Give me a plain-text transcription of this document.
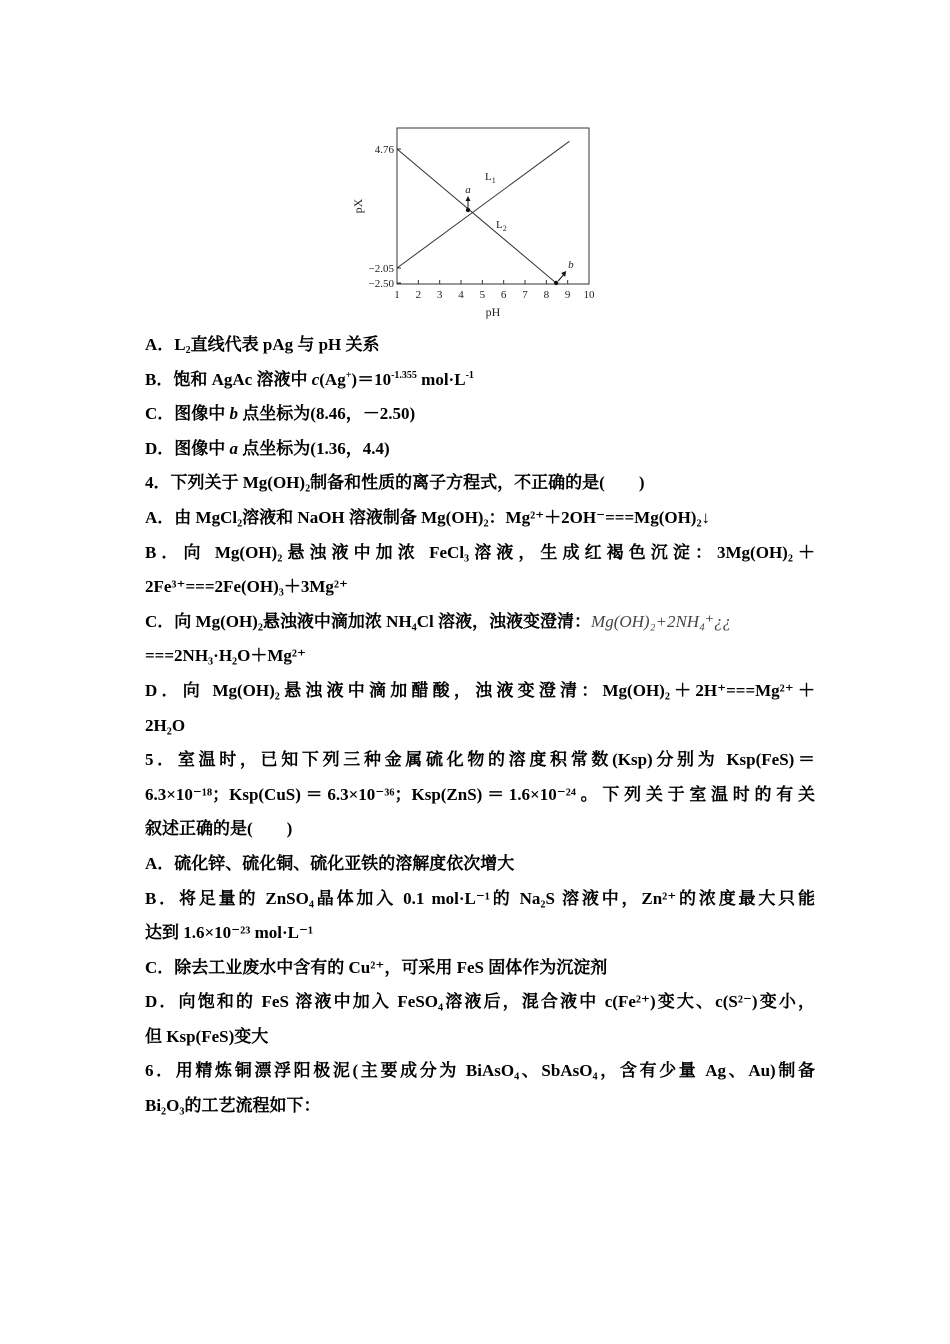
1 2 3 4 5 6 7 8 9 10
4.76
−2.05
−2.50
$L_1$
$L_2$
a
b
pH
pX
A．$L_2$直线代表 pAg 与 pH 关系
B．饱和 AgAc 溶液中 $c(Ag^+)=10^{-1.355}$ $mol\cdot L^{-1}$
C．图像中 b 点坐标为(8.46，－2.50)
D．图像中 a 点坐标为(1.36，4.4)
4．下列关于 Mg(OH)₂制备和性质的离子方程式，不正确的是(　　)
A．由 MgCl₂溶液和 NaOH 溶液制备 Mg(OH)₂：Mg²⁺＋2OH⁻===Mg(OH)₂↓
B．向 Mg(OH)₂悬浊液中加浓 FeCl₃溶液，生成红褐色沉淀：3Mg(OH)₂＋
2Fe³⁺===2Fe(OH)₃＋3Mg²⁺
C．向 Mg(OH)₂悬浊液中滴加浓 NH₄Cl 溶液，浊液变澄清：Mg(OH)₂+2NH₄⁺¿¿
===2NH₃·H₂O＋Mg²⁺
D．向 Mg(OH)₂悬浊液中滴加醋酸，浊液变澄清：Mg(OH)₂＋2H⁺===Mg²⁺＋
2H₂O
5．室温时，已知下列三种金属硫化物的溶度积常数(Ksp)分别为 Ksp(FeS)＝
6.3×10⁻¹⁸；Ksp(CuS)＝6.3×10⁻³⁶；Ksp(ZnS)＝1.6×10⁻²⁴。下列关于室温时的有关
叙述正确的是(　　)
A．硫化锌、硫化铜、硫化亚铁的溶解度依次增大
B．将足量的 ZnSO₄晶体加入 0.1 mol·L⁻¹的 Na₂S 溶液中，Zn²⁺的浓度最大只能
达到 1.6×10⁻²³ mol·L⁻¹
C．除去工业废水中含有的 Cu²⁺，可采用 FeS 固体作为沉淀剂
D．向饱和的 FeS 溶液中加入 FeSO₄溶液后，混合液中 c(Fe²⁺)变大、c(S²⁻)变小，
但 Ksp(FeS)变大
6．用精炼铜漂浮阳极泥(主要成分为 BiAsO₄、SbAsO₄，含有少量 Ag、Au)制备
Bi₂O₃的工艺流程如下：
